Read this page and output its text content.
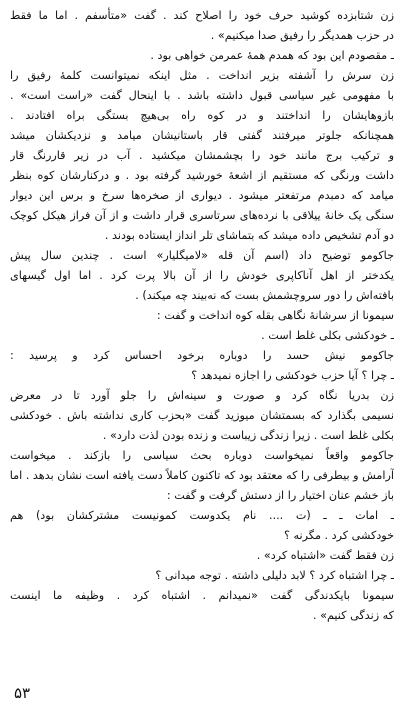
زن شتابزده کوشید حرف خود را اصلاح کند . گفت «متأسفم . اما ما فقط
در حزب همدیگر را رفیق صدا میکنیم» .
ـ مقصودم این بود که همدم همهٔ عمرمن خواهی بود .
زن سرش را آشفته بزیر انداخت . مثل اینکه نمیتوانست کلمهٔ رفیق را
با مفهومی غیر سیاسی قبول داشته باشد . با اینحال گفت «راست است» .
بازوهایشان را انداختند و در کوه راه بی‌هیچ بستگی براه افتادند .
همچنانکه جلوتر میرفتند گفتی قار باستانیشان میامد و نزدیکشان میشد
و ترکیب برج مانند خود را بچشمشان میکشید . آب در زیر قاررنگ قار
داشت ورنگی که مستقیم از اشعهٔ خورشید گرفته بود . و درکنارشان کوه بنظر
میامد که دمبدم مرتفعتر میشود . دیواری از صخره‌ها سرخ و برس این دیوار
سنگی یک خانهٔ ییلاقی با نرده‌های سرتاسری قرار داشت و از آن فراز هیکل کوچک
دو آدم تشخیص داده میشد که بتماشای تلر انداز ایستاده بودند .
جاکومو توضیح داد (اسم آن قله «لامیگلیار» است . چندین سال پیش
یکدختر از اهل آناکاپری خودش را از آن بالا پرت کرد . اما اول گیسهای
بافته‌اش را دور سروچشمش بست که نه‌بیند چه میکند) .
سیمونا از سرشانهٔ نگاهی بقله کوه انداخت و گفت :
ـ خودکشی بکلی غلط است .
جاکومو نیش حسد را دوباره برخود احساس کرد و پرسید :
ـ چرا ؟ آیا حزب خودکشی را اجازه نمیدهد ؟
زن بدریا نگاه کرد و صورت و سینه‌اش را جلو آورد تا در معرض
نسیمی بگذارد که بسمتشان میوزید گفت «بحزب کاری نداشته باش . خودکشی
بکلی غلط است . زیرا زندگی زیباست و زنده بودن لذت دارد» .
جاکومو واقعاً نمیخواست دوباره بحث سیاسی را بازکند . میخواست
آرامش و بیطرفی را که معتقد بود که تاکنون کاملاً دست یافته است نشان بدهد . اما
باز خشم عنان اختیار را از دستش گرفت و گفت :
ـ امات ـ ـ (ت .... نام یکدوست کمونیست مشترکشان بود) هم
خودکشی کرد . مگرنه ؟
زن فقط گفت «اشتباه کرد» .
ـ چرا اشتباه کرد ؟ لابد دلیلی داشته . توجه میدانی ؟
سیمونا بایکدندگی گفت «نمیدانم . اشتباه کرد . وظیفه ما اینست
که زندگی کنیم» .
۵۳
